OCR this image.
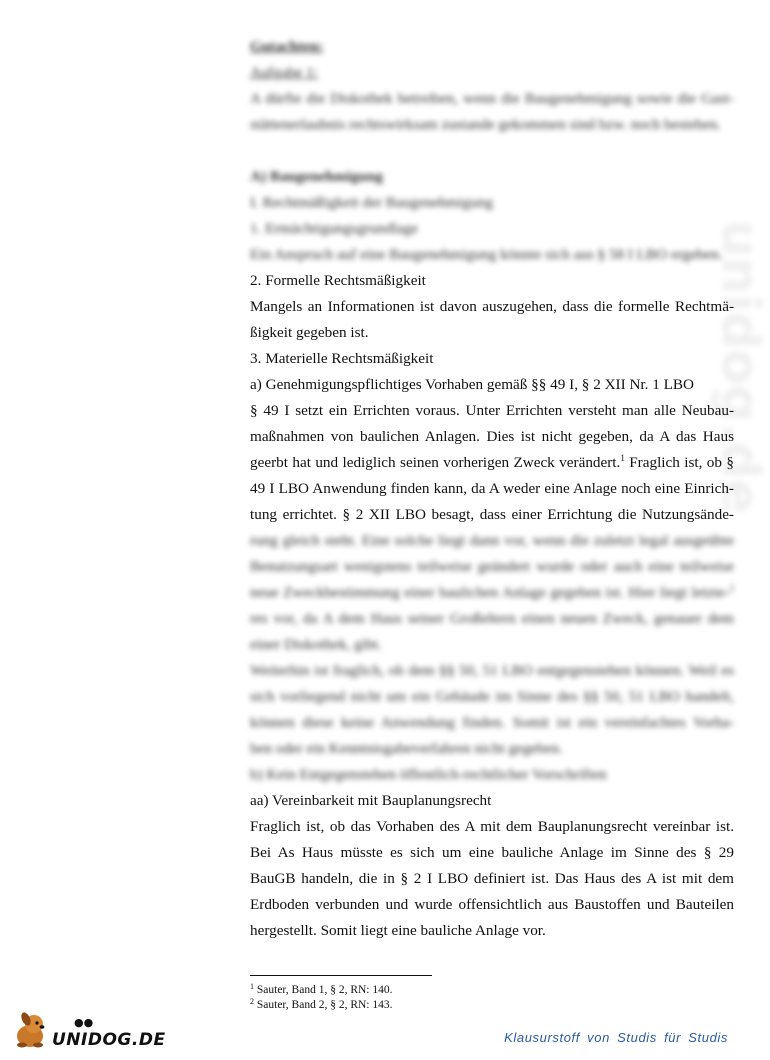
unidog.de
Gutachten:
Aufgabe 1:
A dürfte die Diskothek betreiben, wenn die Baugenehmigung sowie die Gast-
stättenerlaubnis rechtswirksam zustande gekommen sind bzw. noch bestehen.
A) Baugenehmigung
I. Rechtmäßigkeit der Baugenehmigung
1. Ermächtigungsgrundlage
Ein Anspruch auf eine Baugenehmigung könnte sich aus § 58 I LBO ergeben.
2. Formelle Rechtsmäßigkeit
Mangels an Informationen ist davon auszugehen, dass die formelle Rechtmä-
ßigkeit gegeben ist.
3. Materielle Rechtsmäßigkeit
a) Genehmigungspflichtiges Vorhaben gemäß §§ 49 I, § 2 XII Nr. 1 LBO
§ 49 I setzt ein Errichten voraus. Unter Errichten versteht man alle Neubau-
maßnahmen von baulichen Anlagen. Dies ist nicht gegeben, da A das Haus
geerbt hat und lediglich seinen vorherigen Zweck verändert.$^1$ Fraglich ist, ob §
49 I LBO Anwendung finden kann, da A weder eine Anlage noch eine Einrich-
tung errichtet. § 2 XII LBO besagt, dass einer Errichtung die Nutzungsände-
rung gleich steht. Eine solche liegt dann vor, wenn die zuletzt legal ausgeübte
Benutzungsart wenigstens teilweise geändert wurde oder auch eine teilweise
neue Zweckbestimmung einer baulichen Anlage gegeben ist. Hier liegt letzte-$^2$
res vor, da A dem Haus seiner Großeltern einen neuen Zweck, genauer dem
einer Diskothek, gibt.
Weiterhin ist fraglich, ob dem §§ 50, 51 LBO entgegenstehen können. Weil es
sich vorliegend nicht um ein Gebäude im Sinne des §§ 50, 51 LBO handelt,
können diese keine Anwendung finden. Somit ist ein vereinfachtes Vorha-
ben oder ein Kenntnisgabeverfahren nicht gegeben.
b) Kein Entgegenstehen öffentlich-rechtlicher Vorschriften
aa) Vereinbarkeit mit Bauplanungsrecht
Fraglich ist, ob das Vorhaben des A mit dem Bauplanungsrecht vereinbar ist.
Bei As Haus müsste es sich um eine bauliche Anlage im Sinne des § 29
BauGB handeln, die in § 2 I LBO definiert ist. Das Haus des A ist mit dem
Erdboden verbunden und wurde offensichtlich aus Baustoffen und Bauteilen
hergestellt. Somit liegt eine bauliche Anlage vor.
$^1$ Sauter, Band 1, § 2, RN: 140.
$^2$ Sauter, Band 2, § 2, RN: 143.
●●
UNIDOG.DE	Klausurstoff von Studis für Studis
